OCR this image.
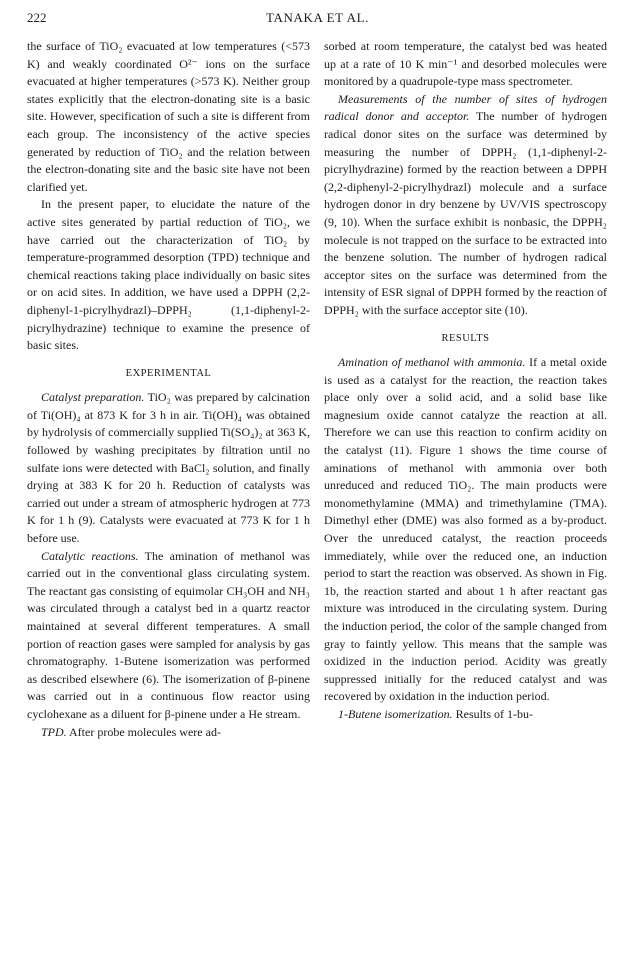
222	TANAKA ET AL.

the surface of TiO₂ evacuated at low temperatures (<573 K) and weakly coordinated O²⁻ ions on the surface evacuated at higher temperatures (>573 K). Neither group states explicitly that the electron-donating site is a basic site. However, specification of such a site is different from each group. The inconsistency of the active species generated by reduction of TiO₂ and the relation between the electron-donating site and the basic site have not been clarified yet.

In the present paper, to elucidate the nature of the active sites generated by partial reduction of TiO₂, we have carried out the characterization of TiO₂ by temperature-programmed desorption (TPD) technique and chemical reactions taking place individually on basic sites or on acid sites. In addition, we have used a DPPH (2,2-diphenyl-1-picrylhydrazl)–DPPH₂ (1,1-diphenyl-2-picrylhydrazine) technique to examine the presence of basic sites.

EXPERIMENTAL

Catalyst preparation. TiO₂ was prepared by calcination of Ti(OH)₄ at 873 K for 3 h in air. Ti(OH)₄ was obtained by hydrolysis of commercially supplied Ti(SO₄)₂ at 363 K, followed by washing precipitates by filtration until no sulfate ions were detected with BaCl₂ solution, and finally drying at 383 K for 20 h. Reduction of catalysts was carried out under a stream of atmospheric hydrogen at 773 K for 1 h (9). Catalysts were evacuated at 773 K for 1 h before use.

Catalytic reactions. The amination of methanol was carried out in the conventional glass circulating system. The reactant gas consisting of equimolar CH₃OH and NH₃ was circulated through a catalyst bed in a quartz reactor maintained at several different temperatures. A small portion of reaction gases were sampled for analysis by gas chromatography. 1-Butene isomerization was performed as described elsewhere (6). The isomerization of β-pinene was carried out in a continuous flow reactor using cyclohexane as a diluent for β-pinene under a He stream.

TPD. After probe molecules were ad-

sorbed at room temperature, the catalyst bed was heated up at a rate of 10 K min⁻¹ and desorbed molecules were monitored by a quadrupole-type mass spectrometer.

Measurements of the number of sites of hydrogen radical donor and acceptor. The number of hydrogen radical donor sites on the surface was determined by measuring the number of DPPH₂ (1,1-diphenyl-2-picrylhydrazine) formed by the reaction between a DPPH (2,2-diphenyl-2-picrylhydrazl) molecule and a surface hydrogen donor in dry benzene by UV/VIS spectroscopy (9, 10). When the surface exhibit is nonbasic, the DPPH₂ molecule is not trapped on the surface to be extracted into the benzene solution. The number of hydrogen radical acceptor sites on the surface was determined from the intensity of ESR signal of DPPH formed by the reaction of DPPH₂ with the surface acceptor site (10).

RESULTS

Amination of methanol with ammonia. If a metal oxide is used as a catalyst for the reaction, the reaction takes place only over a solid acid, and a solid base like magnesium oxide cannot catalyze the reaction at all. Therefore we can use this reaction to confirm acidity on the catalyst (11). Figure 1 shows the time course of aminations of methanol with ammonia over both unreduced and reduced TiO₂. The main products were monomethylamine (MMA) and trimethylamine (TMA). Dimethyl ether (DME) was also formed as a by-product. Over the unreduced catalyst, the reaction proceeds immediately, while over the reduced one, an induction period to start the reaction was observed. As shown in Fig. 1b, the reaction started and about 1 h after reactant gas mixture was introduced in the circulating system. During the induction period, the color of the sample changed from gray to faintly yellow. This means that the sample was oxidized in the induction period. Acidity was greatly suppressed initially for the reduced catalyst and was recovered by oxidation in the induction period.

1-Butene isomerization. Results of 1-bu-
